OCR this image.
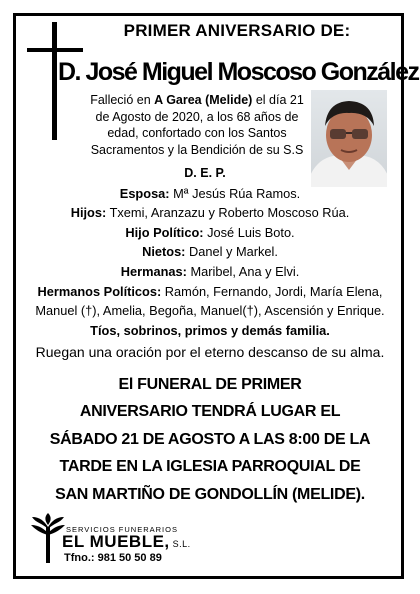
PRIMER ANIVERSARIO DE:
D. José Miguel Moscoso González
Falleció en A Garea (Melide) el día 21 de Agosto de 2020, a los 68 años de edad, confortado con los Santos Sacramentos y la Bendición de su S.S
D. E. P.
Esposa: Mª Jesús Rúa Ramos.
Hijos: Txemi, Aranzazu y Roberto Moscoso Rúa.
Hijo Político: José Luis Boto.
Nietos: Danel y Markel.
Hermanas: Maribel, Ana y Elvi.
Hermanos Políticos: Ramón, Fernando, Jordi, María Elena,
Manuel (†), Amelia, Begoña, Manuel(†), Ascensión y Enrique.
Tíos, sobrinos, primos y demás familia.
Ruegan una oración por el eterno descanso de su alma.
El FUNERAL DE PRIMER
ANIVERSARIO TENDRÁ LUGAR EL
SÁBADO 21 DE AGOSTO A LAS 8:00 DE LA
TARDE EN LA IGLESIA PARROQUIAL DE
SAN MARTIÑO DE GONDOLLÍN (MELIDE).
SERVICIOS FUNERARIOS
EL MUEBLE, S.L.
Tfno.: 981 50 50 89
